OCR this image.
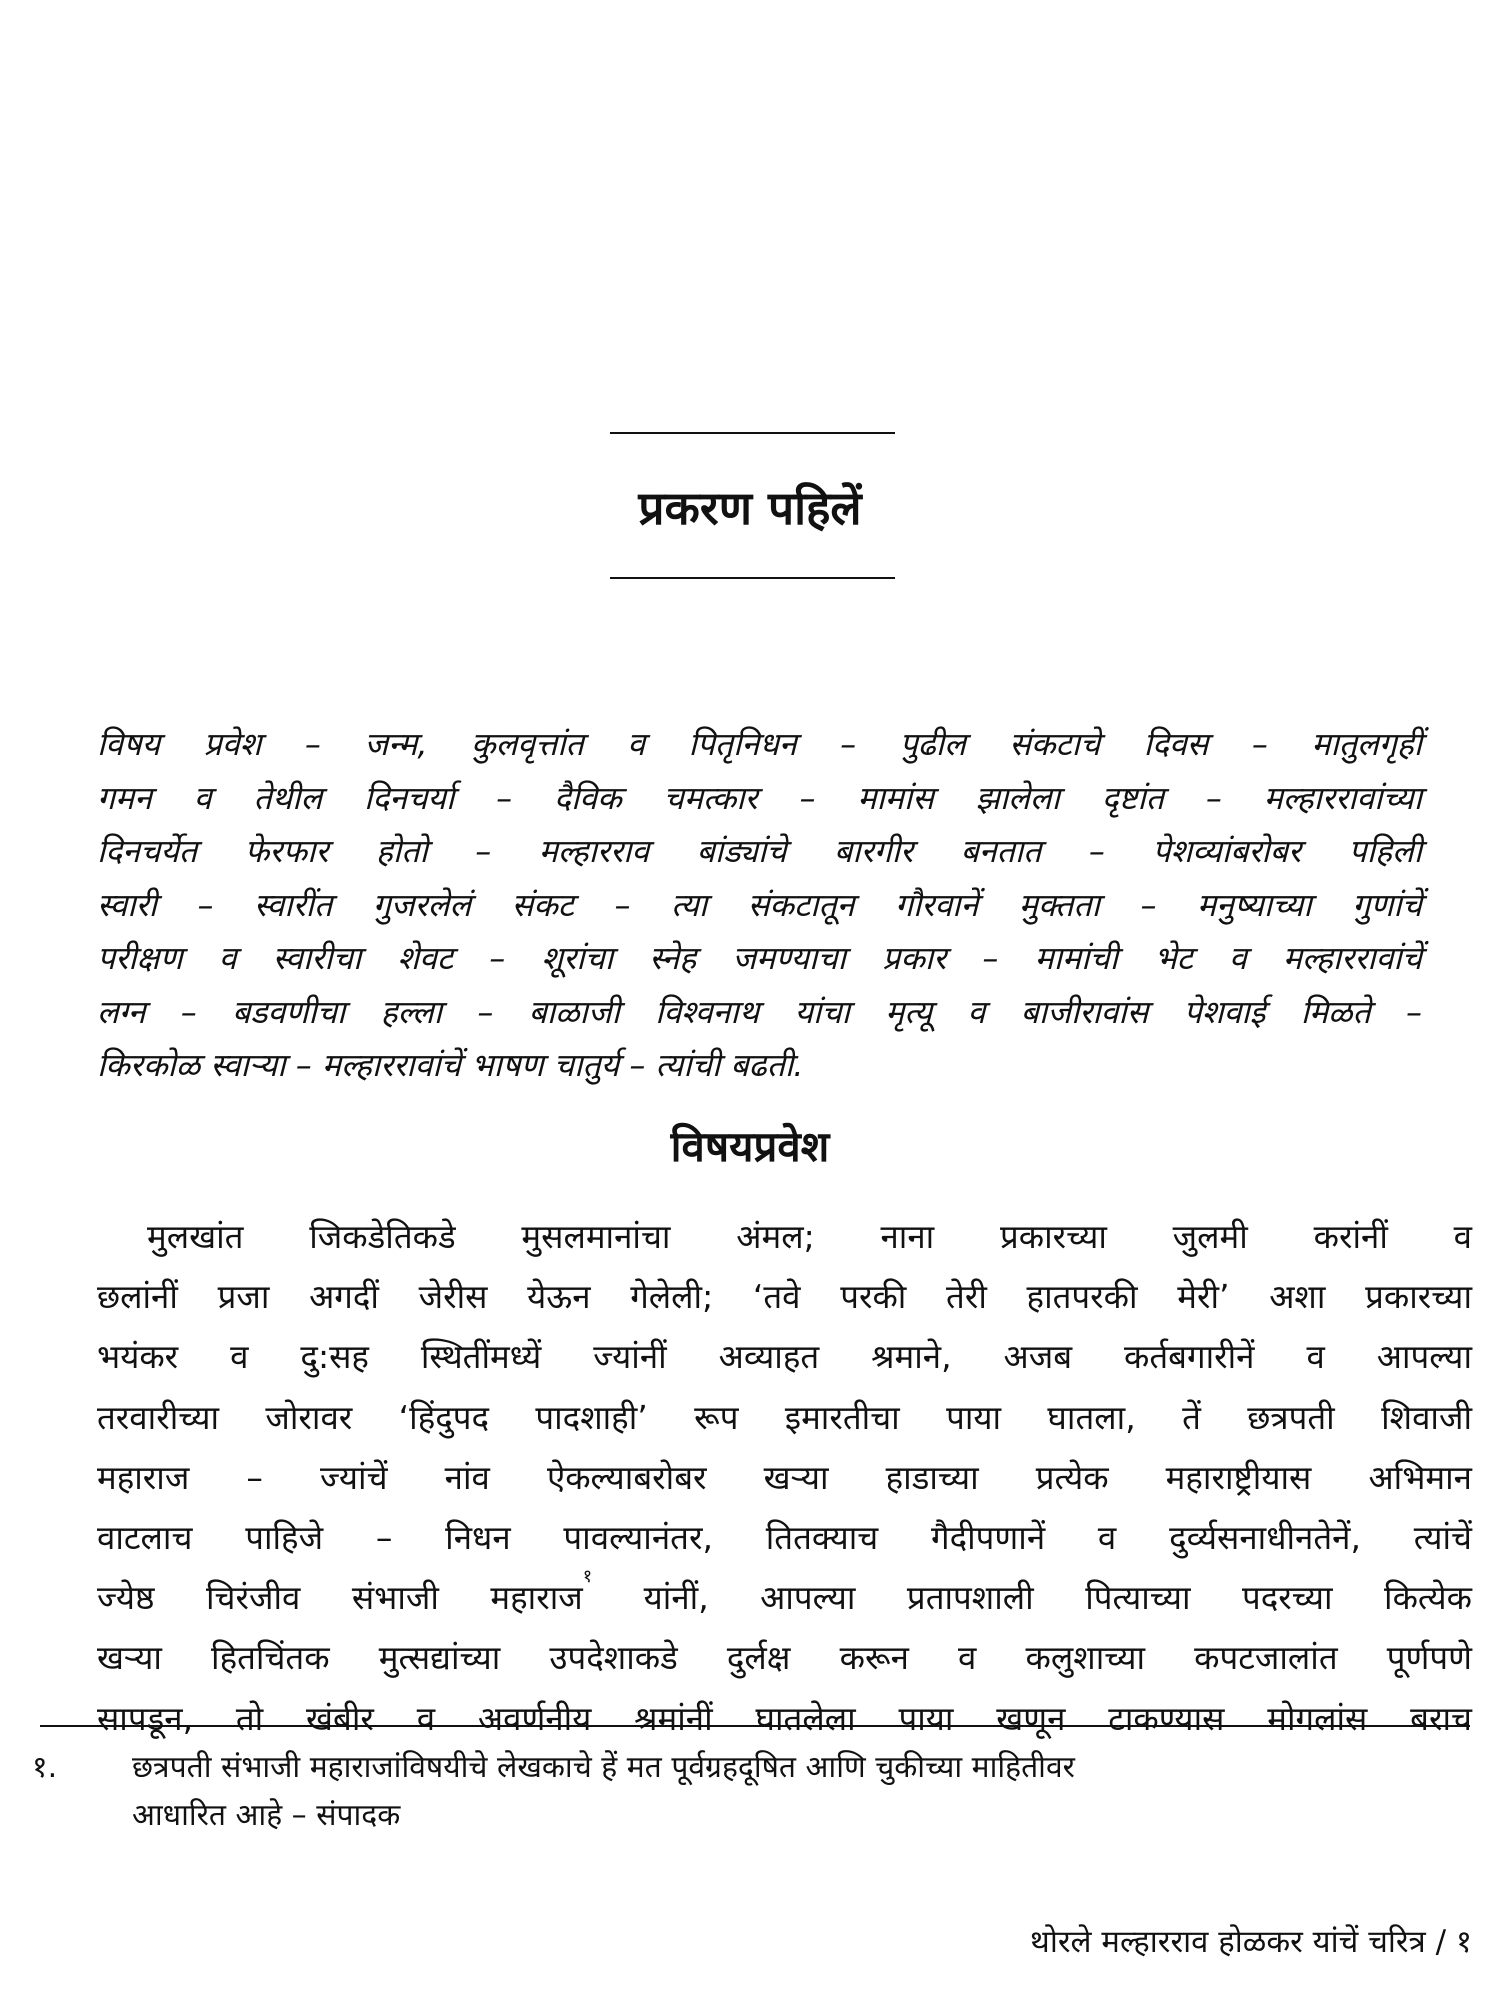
प्रकरण पहिलें
विषय प्रवेश – जन्म, कुलवृत्तांत व पितृनिधन – पुढील संकटाचे दिवस – मातुलगृहीं
गमन व तेथील दिनचर्या – दैविक चमत्कार – मामांस झालेला दृष्टांत – मल्हाररावांच्या
दिनचर्येत फेरफार होतो – मल्हारराव बांड्यांचे बारगीर बनतात – पेशव्यांबरोबर पहिली
स्वारी – स्वारींत गुजरलेलं संकट – त्या संकटातून गौरवानें मुक्तता – मनुष्याच्या गुणांचें
परीक्षण व स्वारीचा शेवट – शूरांचा स्नेह जमण्याचा प्रकार – मामांची भेट व मल्हाररावांचें
लग्न – बडवणीचा हल्ला – बाळाजी विश्वनाथ यांचा मृत्यू व बाजीरावांस पेशवाई मिळते –
किरकोळ स्वाऱ्या – मल्हाररावांचें भाषण चातुर्य – त्यांची बढती.
विषयप्रवेश
मुलखांत जिकडेतिकडे मुसलमानांचा अंमल; नाना प्रकारच्या जुलमी करांनीं व
छलांनीं प्रजा अगदीं जेरीस येऊन गेलेली; ‘तवे परकी तेरी हातपरकी मेरी’ अशा प्रकारच्या
भयंकर व दु:सह स्थितींमध्यें ज्यांनीं अव्याहत श्रमाने, अजब कर्तबगारीनें व आपल्या
तरवारीच्या जोरावर ‘हिंदुपद पादशाही’ रूप इमारतीचा पाया घातला, तें छत्रपती शिवाजी
महाराज – ज्यांचें नांव ऐकल्याबरोबर खऱ्या हाडाच्या प्रत्येक महाराष्ट्रीयास अभिमान
वाटलाच पाहिजे – निधन पावल्यानंतर, तितक्याच गैदीपणानें व दुर्व्यसनाधीनतेनें, त्यांचें
ज्येष्ठ चिरंजीव संभाजी महाराज$^१$ यांनीं, आपल्या प्रतापशाली पित्याच्या पदरच्या कित्येक
खऱ्या हितचिंतक मुत्सद्यांच्या उपदेशाकडे दुर्लक्ष करून व कलुशाच्या कपटजालांत पूर्णपणे
सापडून, तो खंबीर व अवर्णनीय श्रमांनीं घातलेला पाया खणून टाकण्यास मोगलांस बराच
१. छत्रपती संभाजी महाराजांविषयीचे लेखकाचे हें मत पूर्वग्रहदूषित आणि चुकीच्या माहितीवर
आधारित आहे – संपादक
थोरले मल्हारराव होळकर यांचें चरित्र / १
